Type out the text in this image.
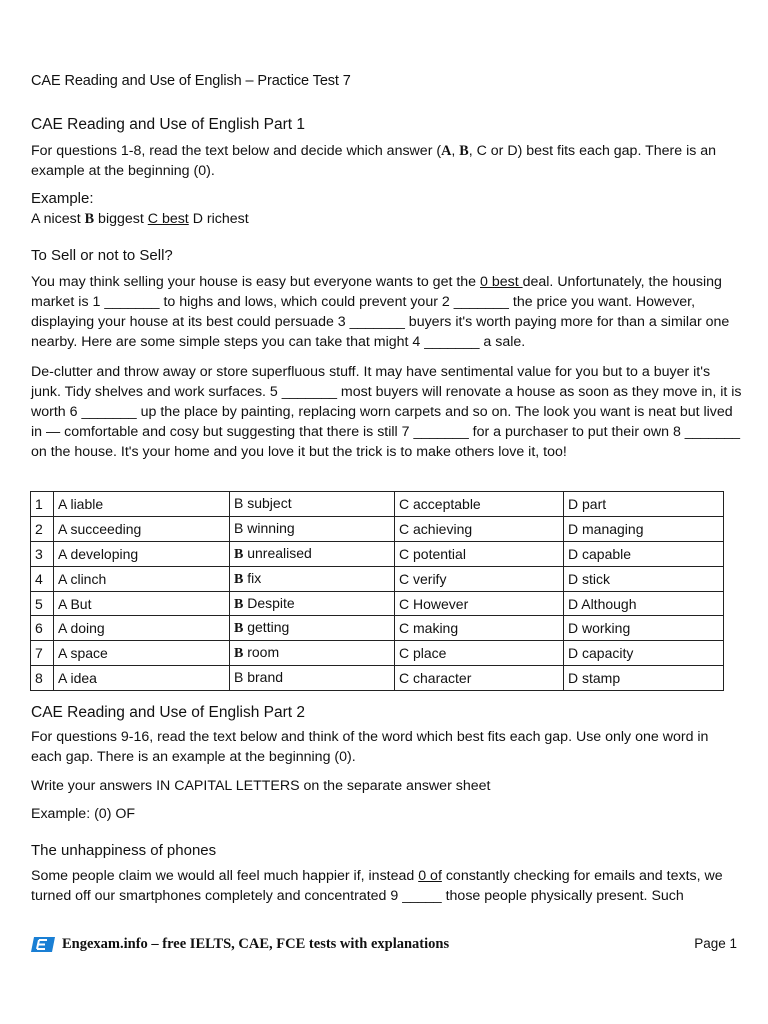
CAE Reading and Use of English – Practice Test 7
CAE Reading and Use of English Part 1
For questions 1-8, read the text below and decide which answer (A, B, C or D) best fits each gap. There is an example at the beginning (0).
Example:
A nicest B biggest C best D richest
To Sell or not to Sell?
You may think selling your house is easy but everyone wants to get the 0 best deal. Unfortunately, the housing market is 1 _______ to highs and lows, which could prevent your 2 _______ the price you want. However, displaying your house at its best could persuade 3 _______ buyers it's worth paying more for than a similar one nearby. Here are some simple steps you can take that might 4 _______ a sale.
De-clutter and throw away or store superfluous stuff. It may have sentimental value for you but to a buyer it's junk. Tidy shelves and work surfaces. 5 _______ most buyers will renovate a house as soon as they move in, it is worth 6 _______ up the place by painting, replacing worn carpets and so on. The look you want is neat but lived in — comfortable and cosy but suggesting that there is still 7 _______ for a purchaser to put their own 8 _______ on the house. It's your home and you love it but the trick is to make others love it, too!
1	A liable	B subject	C acceptable	D part
2	A succeeding	B winning	C achieving	D managing
3	A developing	B unrealised	C potential	D capable
4	A clinch	B fix	C verify	D stick
5	A But	B Despite	C However	D Although
6	A doing	B getting	C making	D working
7	A space	B room	C place	D capacity
8	A idea	B brand	C character	D stamp
CAE Reading and Use of English Part 2
For questions 9-16, read the text below and think of the word which best fits each gap. Use only one word in each gap. There is an example at the beginning (0).
Write your answers IN CAPITAL LETTERS on the separate answer sheet
Example: (0) OF
The unhappiness of phones
Some people claim we would all feel much happier if, instead 0 of constantly checking for emails and texts, we turned off our smartphones completely and concentrated 9 _____ those people physically present. Such
Engexam.info – free IELTS, CAE, FCE tests with explanations	Page 1
